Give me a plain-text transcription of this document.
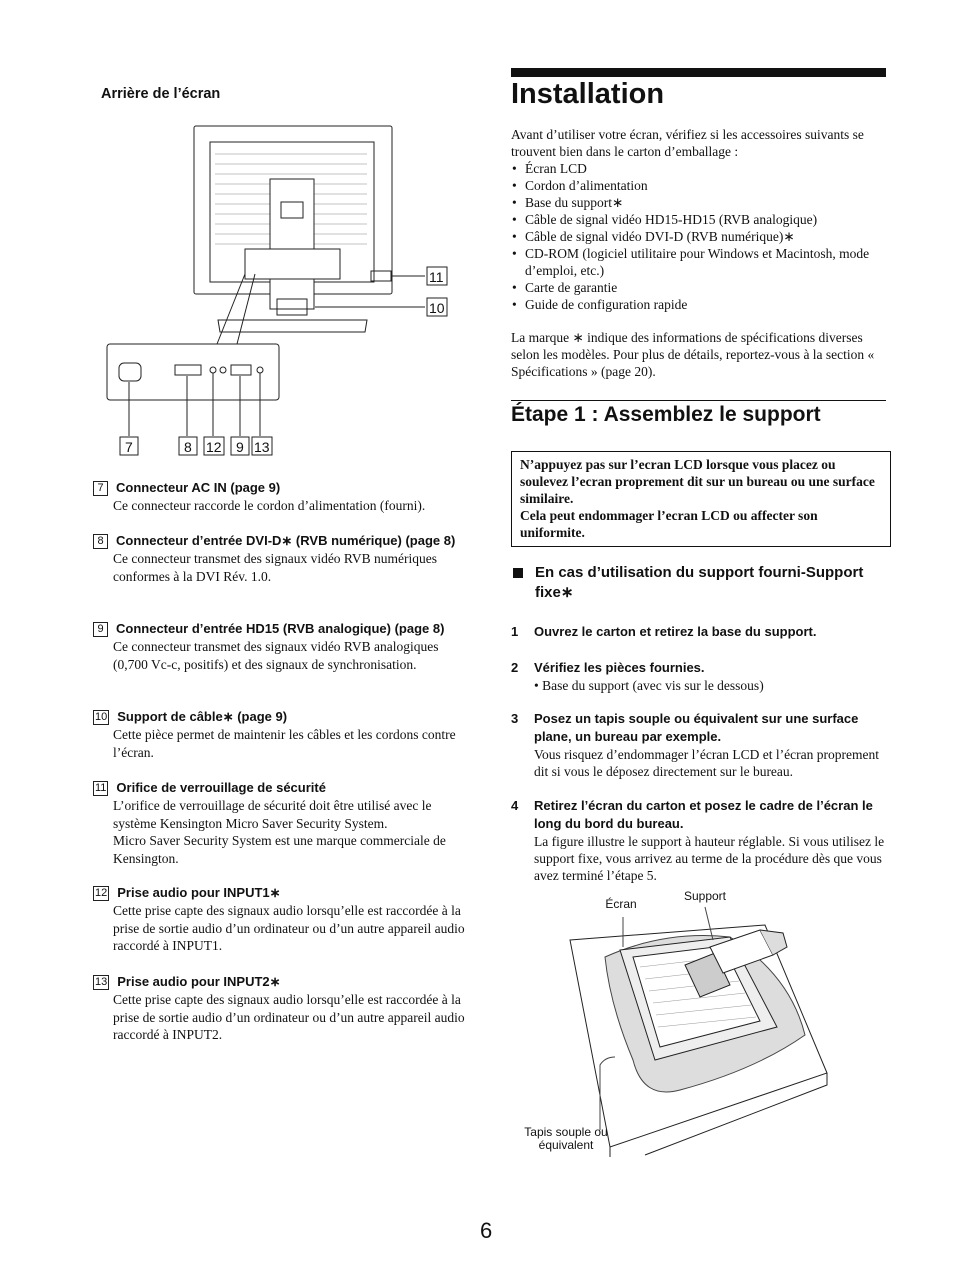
Arrière de l’écran
11
10
7	8 12 9 13
7 Connecteur AC IN (page 9)
Ce connecteur raccorde le cordon d’alimentation (fourni).
8 Connecteur d’entrée DVI-D∗ (RVB numérique) (page 8)
Ce connecteur transmet des signaux vidéo RVB numériques conformes à la DVI Rév. 1.0.
9 Connecteur d’entrée HD15 (RVB analogique) (page 8)
Ce connecteur transmet des signaux vidéo RVB analogiques (0,700 Vc-c, positifs) et des signaux de synchronisation.
10 Support de câble∗ (page 9)
Cette pièce permet de maintenir les câbles et les cordons contre l’écran.
11 Orifice de verrouillage de sécurité
L’orifice de verrouillage de sécurité doit être utilisé avec le système Kensington Micro Saver Security System.
Micro Saver Security System est une marque commerciale de Kensington.
12 Prise audio pour INPUT1∗
Cette prise capte des signaux audio lorsqu’elle est raccordée à la prise de sortie audio d’un ordinateur ou d’un autre appareil audio raccordé à INPUT1.
13 Prise audio pour INPUT2∗
Cette prise capte des signaux audio lorsqu’elle est raccordée à la prise de sortie audio d’un ordinateur ou d’un autre appareil audio raccordé à INPUT2.
Installation
Avant d’utiliser votre écran, vérifiez si les accessoires suivants se trouvent bien dans le carton d’emballage :
• Écran LCD
• Cordon d’alimentation
• Base du support∗
• Câble de signal vidéo HD15-HD15 (RVB analogique)
• Câble de signal vidéo DVI-D (RVB numérique)∗
• CD-ROM (logiciel utilitaire pour Windows et Macintosh, mode d’emploi, etc.)
• Carte de garantie
• Guide de configuration rapide
La marque ∗ indique des informations de spécifications diverses selon les modèles. Pour plus de détails, reportez-vous à la section « Spécifications » (page 20).
Étape 1 : Assemblez le support
N’appuyez pas sur l’ecran LCD lorsque vous placez ou soulevez l’ecran proprement dit sur un bureau ou une surface similaire.
Cela peut endommager l’ecran LCD ou affecter son uniformite.
En cas d’utilisation du support fourni-Support fixe∗
1	Ouvrez le carton et retirez la base du support.
2	Vérifiez les pièces fournies.
• Base du support (avec vis sur le dessous)
3	Posez un tapis souple ou équivalent sur une surface plane, un bureau par exemple.
Vous risquez d’endommager l’écran LCD et l’écran proprement dit si vous le déposez directement sur le bureau.
4	Retirez l’écran du carton et posez le cadre de l’écran le long du bord du bureau.
La figure illustre le support à hauteur réglable. Si vous utilisez le support fixe, vous arrivez au terme de la procédure dès que vous avez terminé l’étape 5.
Écran
Support
Tapis souple ou
équivalent
6
